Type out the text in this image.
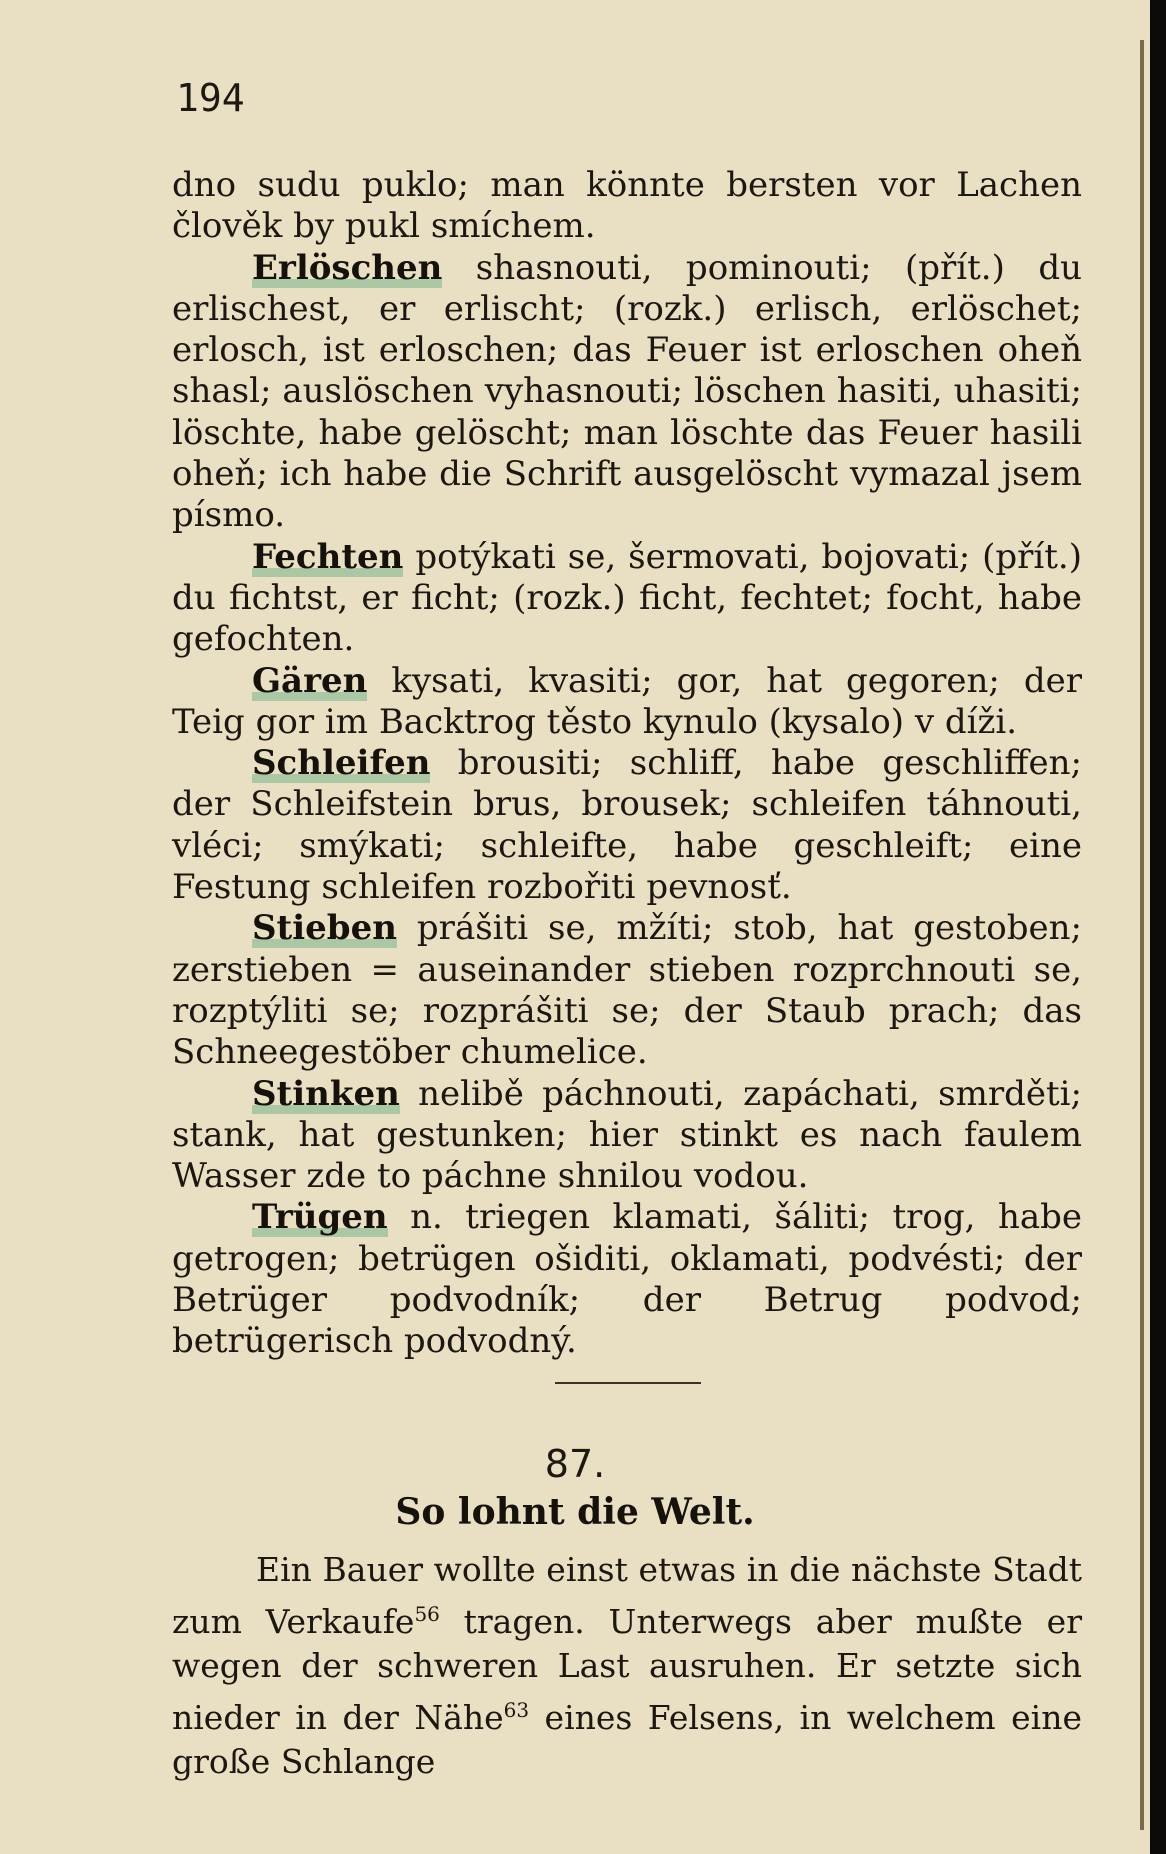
194

dno sudu puklo; man könnte bersten vor Lachen člověk by pukl smíchem.

Erlöschen shasnouti, pominouti; (přít.) du erlischest, er erlischt; (rozk.) erlisch, erlöschet; erlosch, ist erloschen; das Feuer ist erloschen oheň shasl; auslöschen vyhasnouti; löschen hasiti, uhasiti; löschte, habe gelöscht; man löschte das Feuer hasili oheň; ich habe die Schrift ausgelöscht vymazal jsem písmo.

Fechten potýkati se, šermovati, bojovati; (přít.) du fichtst, er ficht; (rozk.) ficht, fechtet; focht, habe gefochten.

Gären kysati, kvasiti; gor, hat gegoren; der Teig gor im Backtrog těsto kynulo (kysalo) v díži.

Schleifen brousiti; schliff, habe geschliffen; der Schleifstein brus, brousek; schleifen táhnouti, vléci; smýkati; schleifte, habe geschleift; eine Festung schleifen rozbořiti pevnosť.

Stieben prášiti se, mžíti; stob, hat gestoben; zerstieben = auseinander stieben rozprchnouti se, rozptýliti se; rozprášiti se; der Staub prach; das Schneegestöber chumelice.

Stinken nelibě páchnouti, zapáchati, smrděti; stank, hat gestunken; hier stinkt es nach faulem Wasser zde to páchne shnilou vodou.

Trügen n. triegen klamati, šáliti; trog, habe getrogen; betrügen ošiditi, oklamati, podvésti; der Betrüger podvodník; der Betrug podvod; betrügerisch podvodný.

87.
So lohnt die Welt.
Ein Bauer wollte einst etwas in die nächste Stadt zum Verkaufe$^{56}$ tragen. Unterwegs aber mußte er wegen der schweren Last ausruhen. Er setzte sich nieder in der Nähe$^{63}$ eines Felsens, in welchem eine große Schlange
